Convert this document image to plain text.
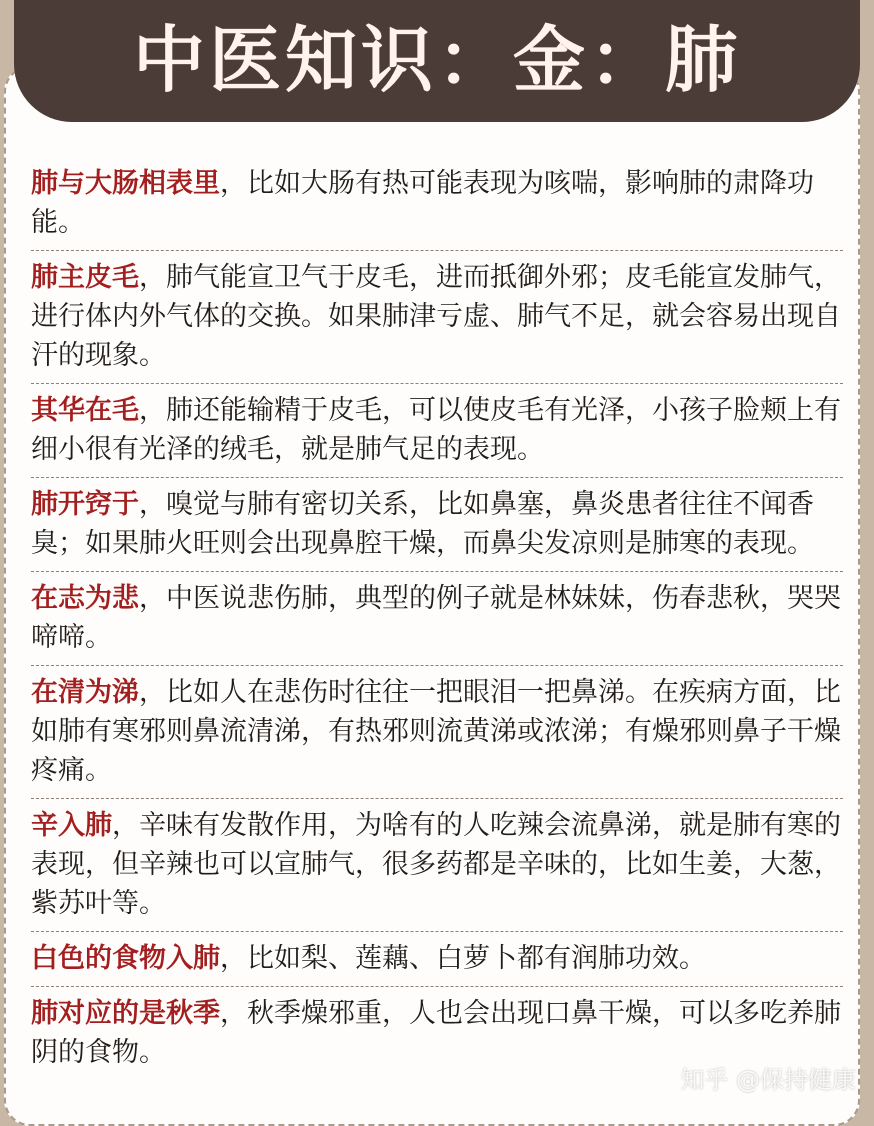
中医知识：金：肺
肺与大肠相表里，比如大肠有热可能表现为咳喘，影响肺的肃降功能。
肺主皮毛，肺气能宣卫气于皮毛，进而抵御外邪；皮毛能宣发肺气，进行体内外气体的交换。如果肺津亏虚、肺气不足，就会容易出现自汗的现象。
其华在毛，肺还能输精于皮毛，可以使皮毛有光泽，小孩子脸颊上有细小很有光泽的绒毛，就是肺气足的表现。
肺开窍于，嗅觉与肺有密切关系，比如鼻塞，鼻炎患者往往不闻香臭；如果肺火旺则会出现鼻腔干燥，而鼻尖发凉则是肺寒的表现。
在志为悲，中医说悲伤肺，典型的例子就是林妹妹，伤春悲秋，哭哭啼啼。
在清为涕，比如人在悲伤时往往一把眼泪一把鼻涕。在疾病方面，比如肺有寒邪则鼻流清涕，有热邪则流黄涕或浓涕；有燥邪则鼻子干燥疼痛。
辛入肺，辛味有发散作用，为啥有的人吃辣会流鼻涕，就是肺有寒的表现，但辛辣也可以宣肺气，很多药都是辛味的，比如生姜，大葱，紫苏叶等。
白色的食物入肺，比如梨、莲藕、白萝卜都有润肺功效。
肺对应的是秋季，秋季燥邪重，人也会出现口鼻干燥，可以多吃养肺阴的食物。
知乎 @保持健康
